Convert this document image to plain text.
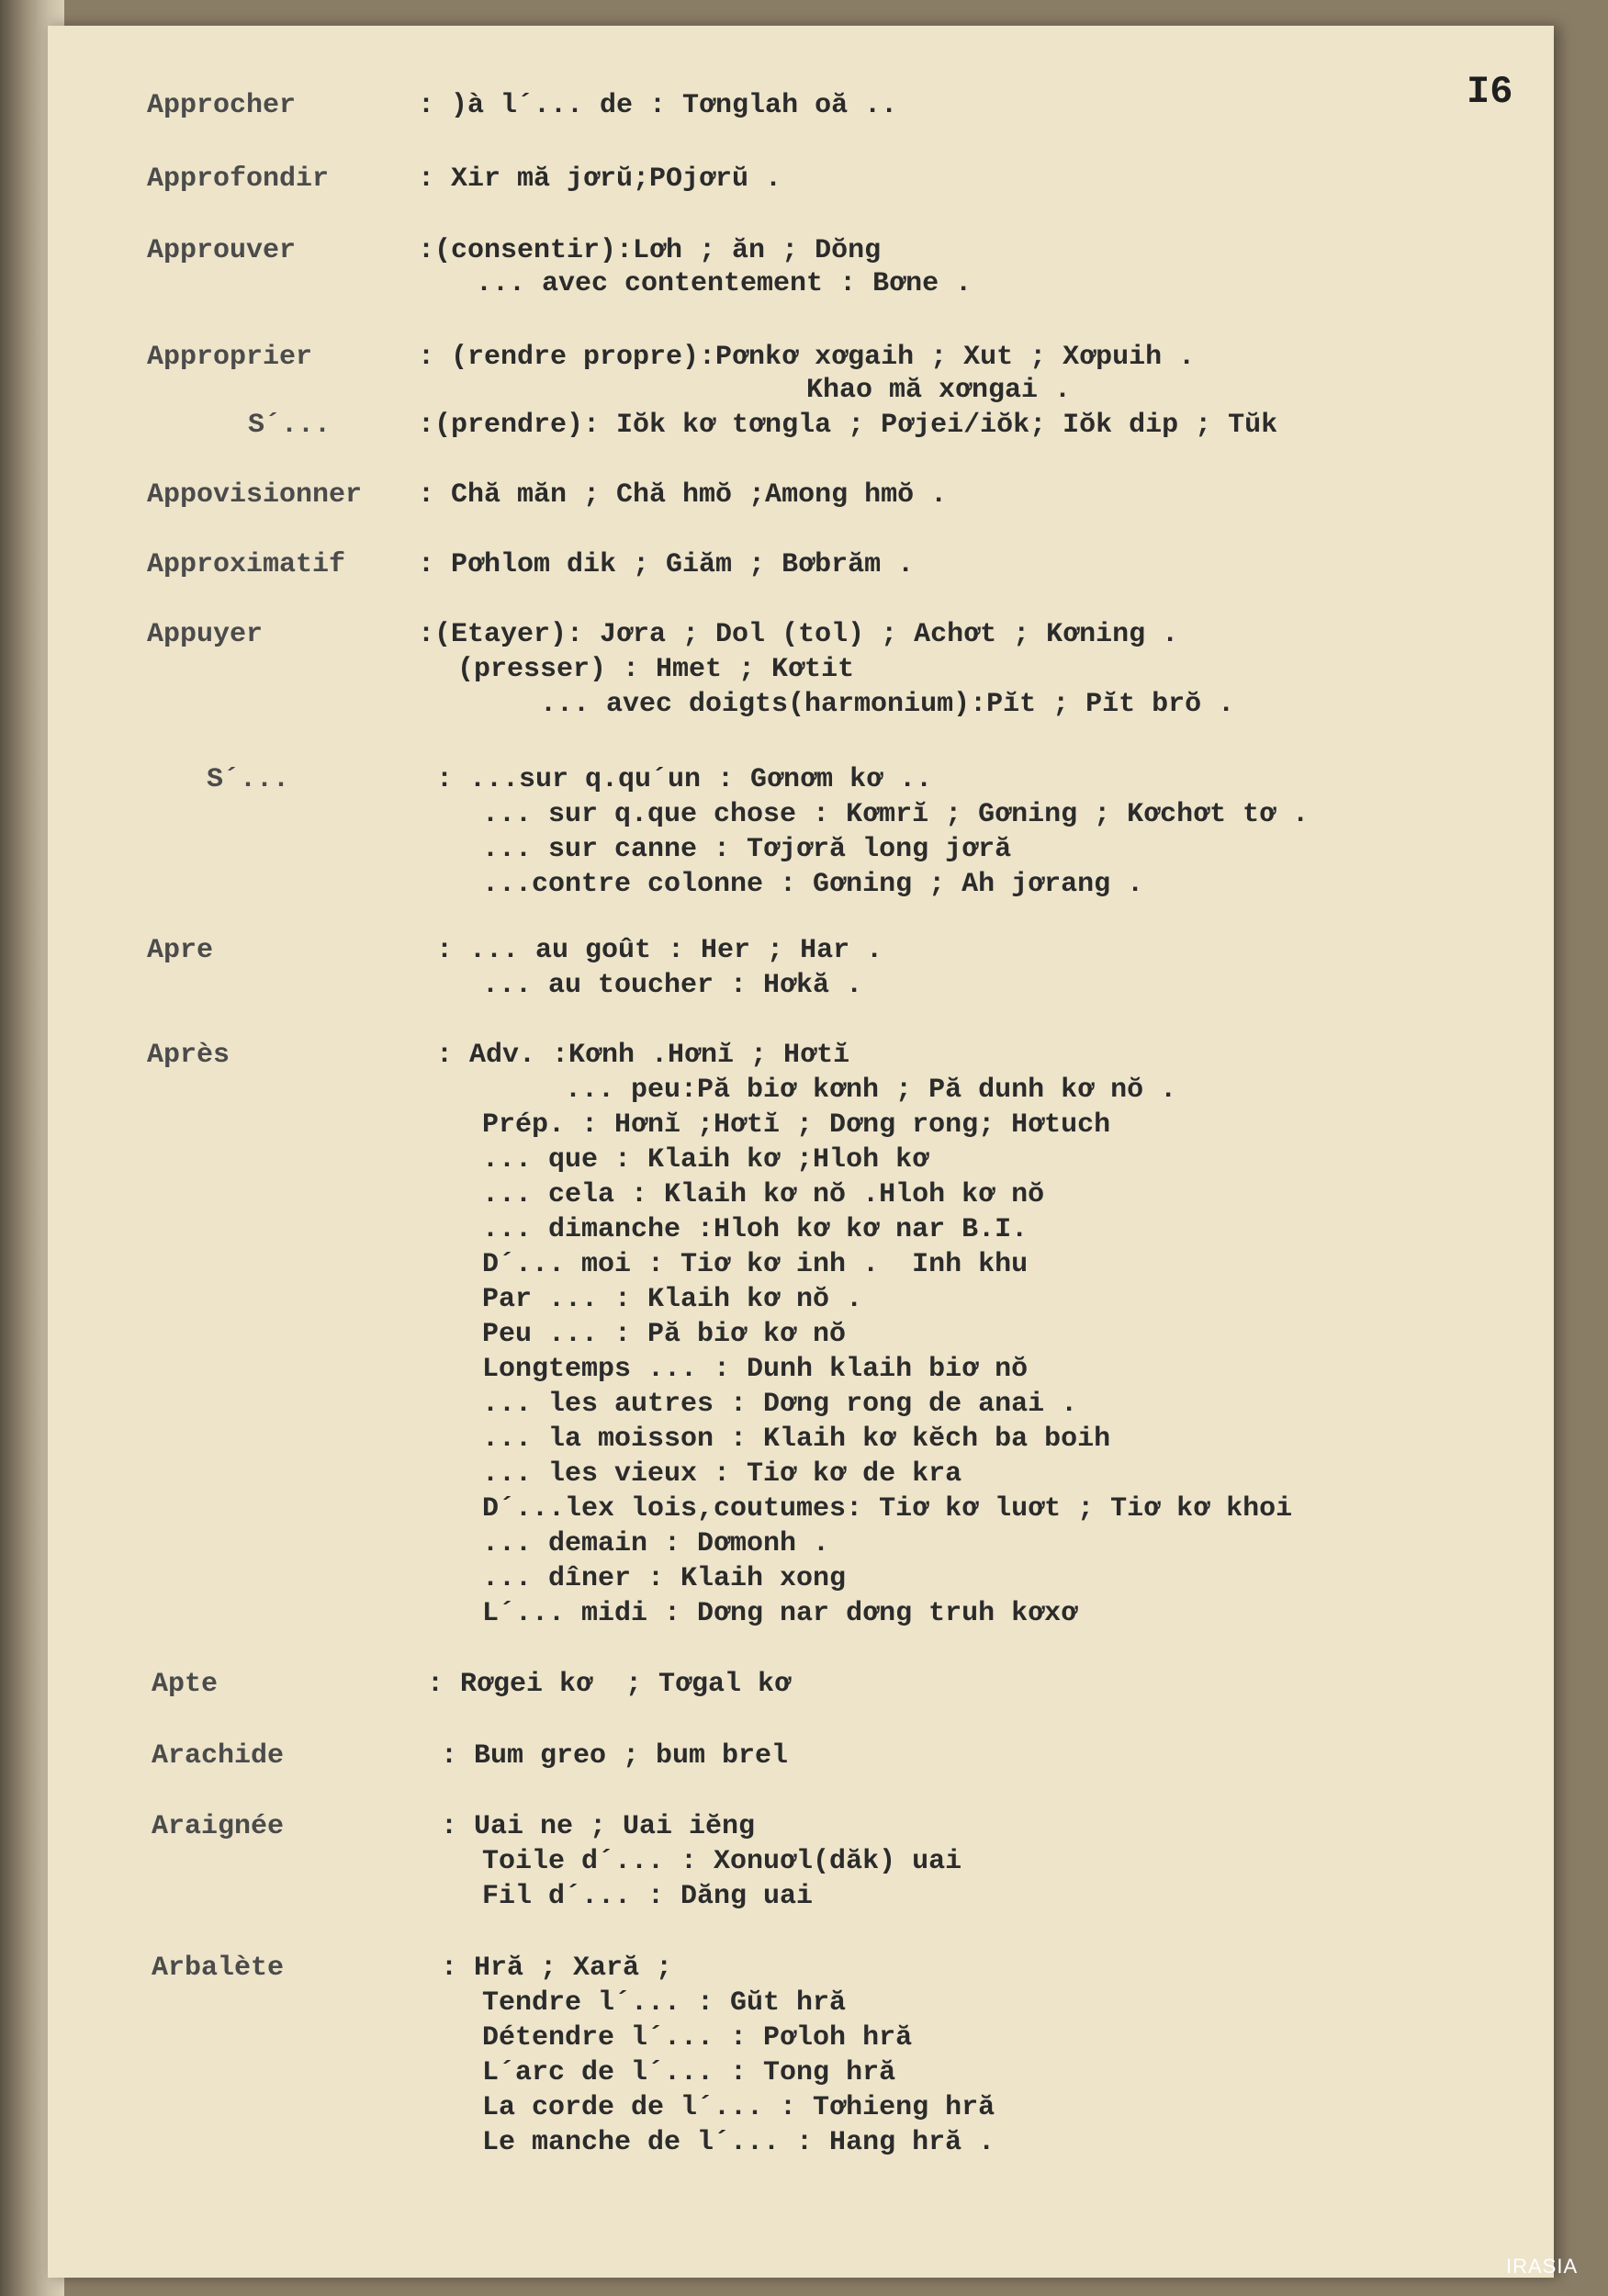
I6
Approcher	: )à l´... de : Tơnglah oă ..
Approfondir	: Xir mă jơrŭ;POjơrŭ .
Approuver	:(consentir):Lơh ; ăn ; Dŏng
... avec contentement : Bơne .
Approprier	: (rendre propre):Pơnkơ xơgaih ; Xut ; Xơpuih .
Khao mă xơngai .
S´...	:(prendre): Iŏk kơ tơngla ; Pơjei/iŏk; Iŏk dip ; Tŭk
Appovisionner : Chă măn ; Chă hmŏ ;Among hmŏ .
Approximatif	: Pơhlom dik ; Giăm ; Bơbrăm .
Appuyer	:(Etayer): Jơra ; Dol (tol) ; Achơt ; Kơning .
(presser) : Hmet ; Kơtit
... avec doigts(harmonium):Pĭt ; Pĭt brŏ .
S´...	: ...sur q.qu´un : Gơnơm kơ ..
... sur q.que chose : Kơmrĭ ; Gơning ; Kơchơt tơ .
... sur canne : Tơjơră long jơră
...contre colonne : Gơning ; Ah jơrang .
Apre	: ... au goût : Her ; Har .
... au toucher : Hơkă .
Après	: Adv. :Kơnh .Hơnĭ ; Hơtĭ
... peu:Pă biơ kơnh ; Pă dunh kơ nŏ .
Prép. : Hơnĭ ;Hơtĭ ; Dơng rong; Hơtuch
... que : Klaih kơ ;Hloh kơ
... cela : Klaih kơ nŏ .Hloh kơ nŏ
... dimanche :Hloh kơ kơ nar B.I.
D´... moi : Tiơ kơ inh .  Inh khu
Par ... : Klaih kơ nŏ .
Peu ... : Pă biơ kơ nŏ
Longtemps ... : Dunh klaih biơ nŏ
... les autres : Dơng rong de anai .
... la moisson : Klaih kơ kĕch ba boih
... les vieux : Tiơ kơ de kra
D´...lex lois,coutumes: Tiơ kơ luơt ; Tiơ kơ khoi
... demain : Dơmonh .
... dîner : Klaih xong
L´... midi : Dơng nar dơng truh kơxơ
Apte	: Rơgei kơ  ; Tơgal kơ
Arachide	: Bum greo ; bum brel
Araignée	: Uai ne ; Uai iĕng
Toile d´... : Xonuơl(dăk) uai
Fil d´... : Dăng uai
Arbalète	: Hră ; Xară ;
Tendre l´... : Gŭt hră
Détendre l´... : Pơloh hră
L´arc de l´... : Tong hră
La corde de l´... : Tơhieng hră
Le manche de l´... : Hang hră .
IRASIA
